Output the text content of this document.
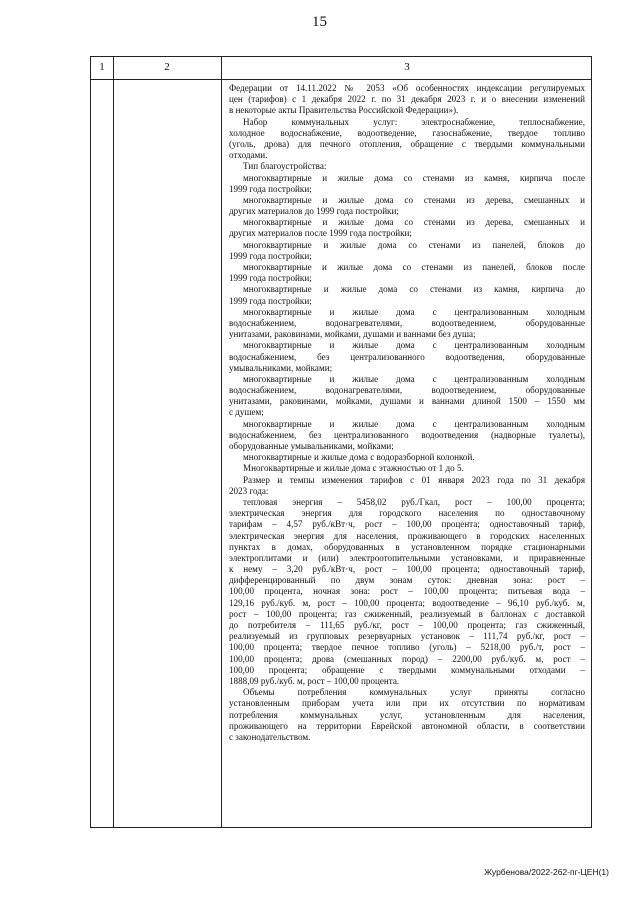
15
1	2	3
Федерации от 14.11.2022 № 2053 «Об особенностях индексации регулируемых
цен (тарифов) с 1 декабря 2022 г. по 31 декабря 2023 г. и о внесении изменений
в некоторые акты Правительства Российской Федерации»).
Набор коммунальных услуг: электроснабжение, теплоснабжение,
холодное водоснабжение, водоотведение, газоснабжение, твердое топливо
(уголь, дрова) для печного отопления, обращение с твердыми коммунальными
отходами.
Тип благоустройства:
многоквартирные и жилые дома со стенами из камня, кирпича после
1999 года постройки;
многоквартирные и жилые дома со стенами из дерева, смешанных и
других материалов до 1999 года постройки;
многоквартирные и жилые дома со стенами из дерева, смешанных и
других материалов после 1999 года постройки;
многоквартирные и жилые дома со стенами из панелей, блоков до
1999 года постройки;
многоквартирные и жилые дома со стенами из панелей, блоков после
1999 года постройки;
многоквартирные и жилые дома со стенами из камня, кирпича до
1999 года постройки;
многоквартирные и жилые дома с централизованным холодным
водоснабжением, водонагревателями, водоотведением, оборудованные
унитазами, раковинами, мойками, душами и ваннами без душа;
многоквартирные и жилые дома с централизованным холодным
водоснабжением, без централизованного водоотведения, оборудованные
умывальниками, мойками;
многоквартирные и жилые дома с централизованным холодным
водоснабжением, водонагревателями, водоотведением, оборудованные
унитазами, раковинами, мойками, душами и ваннами длиной 1500 – 1550 мм
с душем;
многоквартирные и жилые дома с централизованным холодным
водоснабжением, без централизованного водоотведения (надворные туалеты),
оборудованные умывальниками, мойками;
многоквартирные и жилые дома с водоразборной колонкой.
Многоквартирные и жилые дома с этажностью от 1 до 5.
Размер и темпы изменения тарифов с 01 января 2023 года по 31 декабря
2023 года:
тепловая энергия – 5458,02 руб./Гкал, рост – 100,00 процента;
электрическая энергия для городского населения по одноставочному
тарифам – 4,57 руб./кВт·ч, рост – 100,00 процента; одноставочный тариф,
электрическая энергия для населения, проживающего в городских населенных
пунктах в домах, оборудованных в установленном порядке стационарными
электроплитами и (или) электроотопительными установками, и приравненные
к нему – 3,20 руб./кВт·ч, рост – 100,00 процента; одноставочный тариф,
дифференцированный по двум зонам суток: дневная зона: рост –
100,00 процента, ночная зона: рост – 100,00 процента; питьевая вода –
129,16 руб./куб. м, рост – 100,00 процента; водоотведение – 96,10 руб./куб. м,
рост – 100,00 процента; газ сжиженный, реализуемый в баллонах с доставкой
до потребителя – 111,65 руб./кг, рост – 100,00 процента; газ сжиженный,
реализуемый из групповых резервуарных установок – 111,74 руб./кг, рост –
100,00 процента; твердое печное топливо (уголь) – 5218,00 руб./т, рост –
100,00 процента; дрова (смешанных пород) – 2200,00 руб./куб. м, рост –
100,00 процента; обращение с твердыми коммунальными отходами –
1888,09 руб./куб. м, рост – 100,00 процента.
Объемы потребления коммунальных услуг приняты согласно
установленным приборам учета или при их отсутствии по нормативам
потребления коммунальных услуг, установленным для населения,
проживающего на территории Еврейской автономной области, в соответствии
с законодательством.
Журбенова/2022-262-пг-ЦЕН(1)
